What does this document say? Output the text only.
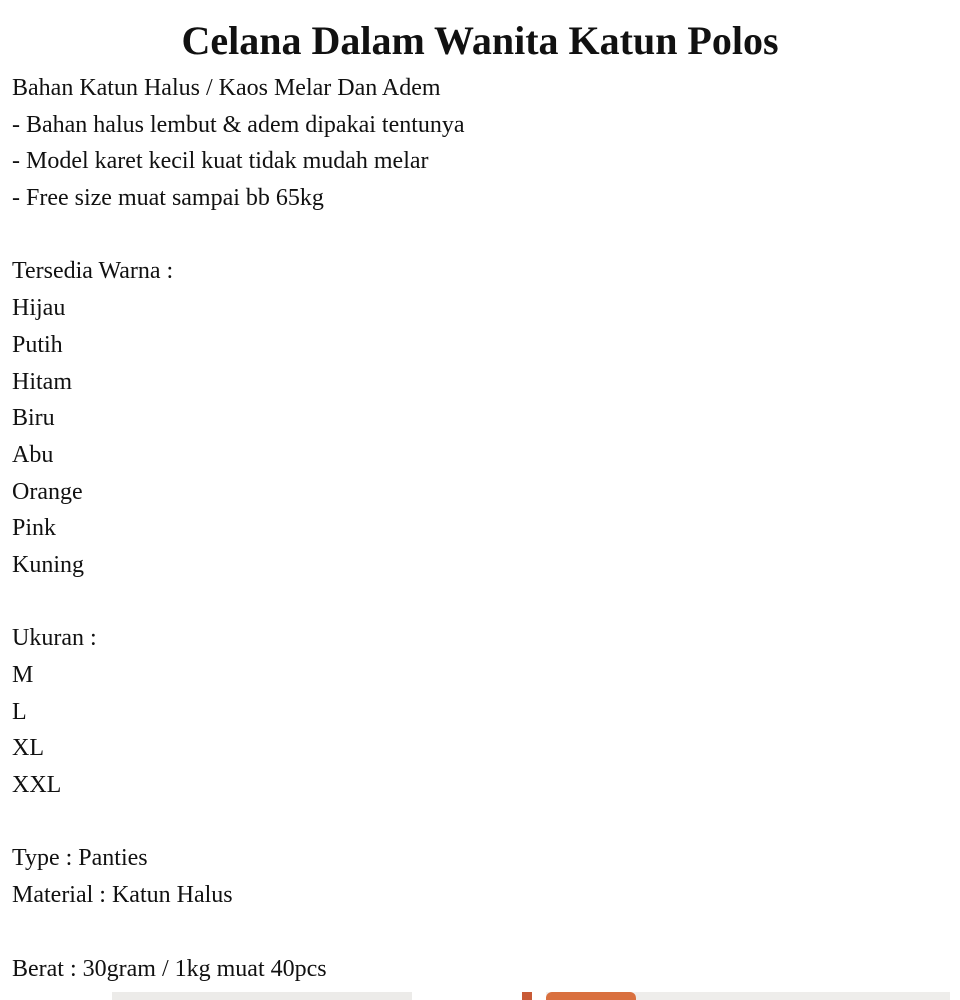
Celana Dalam Wanita Katun Polos
Bahan Katun Halus / Kaos Melar Dan Adem
- Bahan halus lembut & adem dipakai tentunya
- Model karet kecil kuat tidak mudah melar
- Free size muat sampai bb 65kg
Tersedia Warna :
Hijau
Putih
Hitam
Biru
Abu
Orange
Pink
Kuning
Ukuran :
M
L
XL
XXL
Type : Panties
Material : Katun Halus
Berat : 30gram / 1kg muat 40pcs
